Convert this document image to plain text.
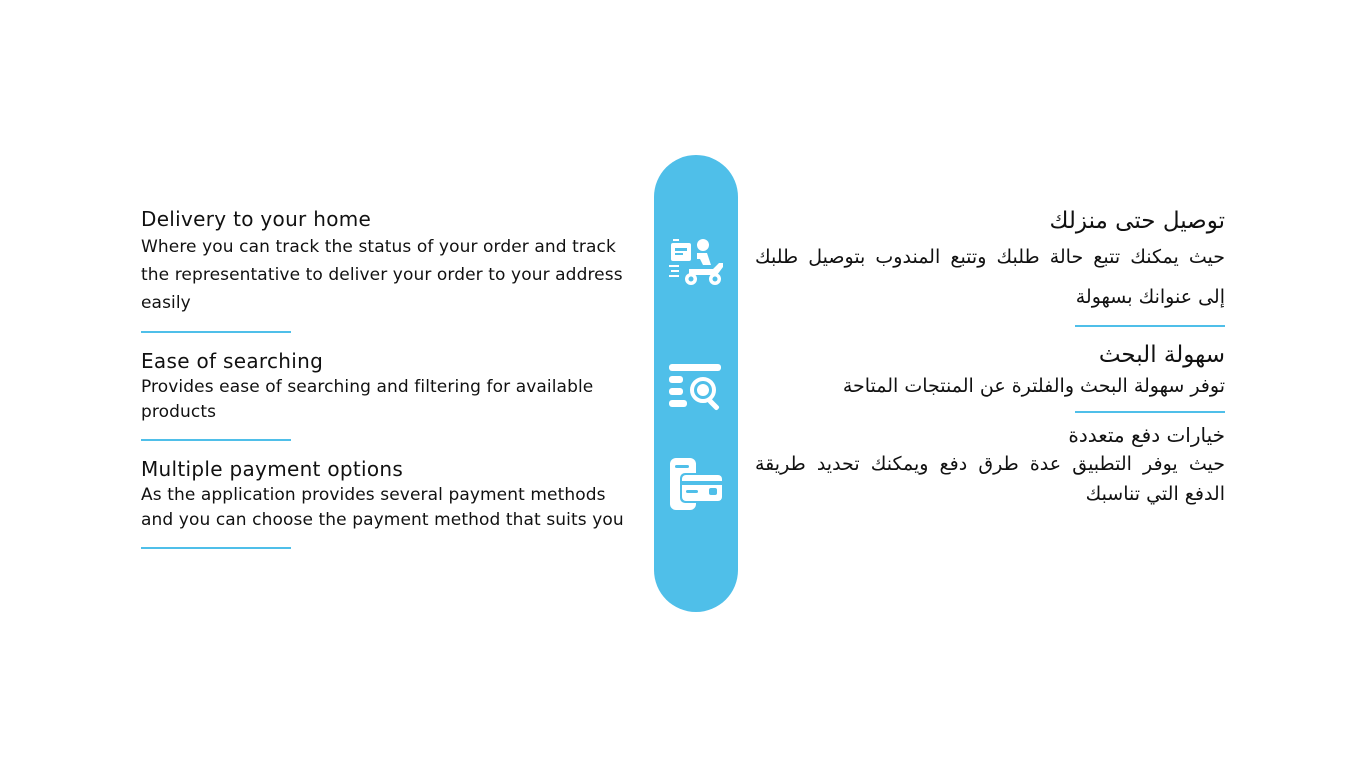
Delivery to your home

Where you can track the status of your order and track the representative to deliver your order to your address easily

Ease of searching

Provides ease of searching and filtering for available products

Multiple payment options

As the application provides several payment methods and you can choose the payment method that suits you

توصيل حتى منزلك

حيث يمكنك تتبع حالة طلبك وتتبع المندوب بتوصيل طلبك إلى عنوانك بسهولة

سهولة البحث

توفر سهولة البحث والفلترة عن المنتجات المتاحة

خيارات دفع متعددة

حيث يوفر التطبيق عدة طرق دفع ويمكنك تحديد طريقة الدفع التي تناسبك
